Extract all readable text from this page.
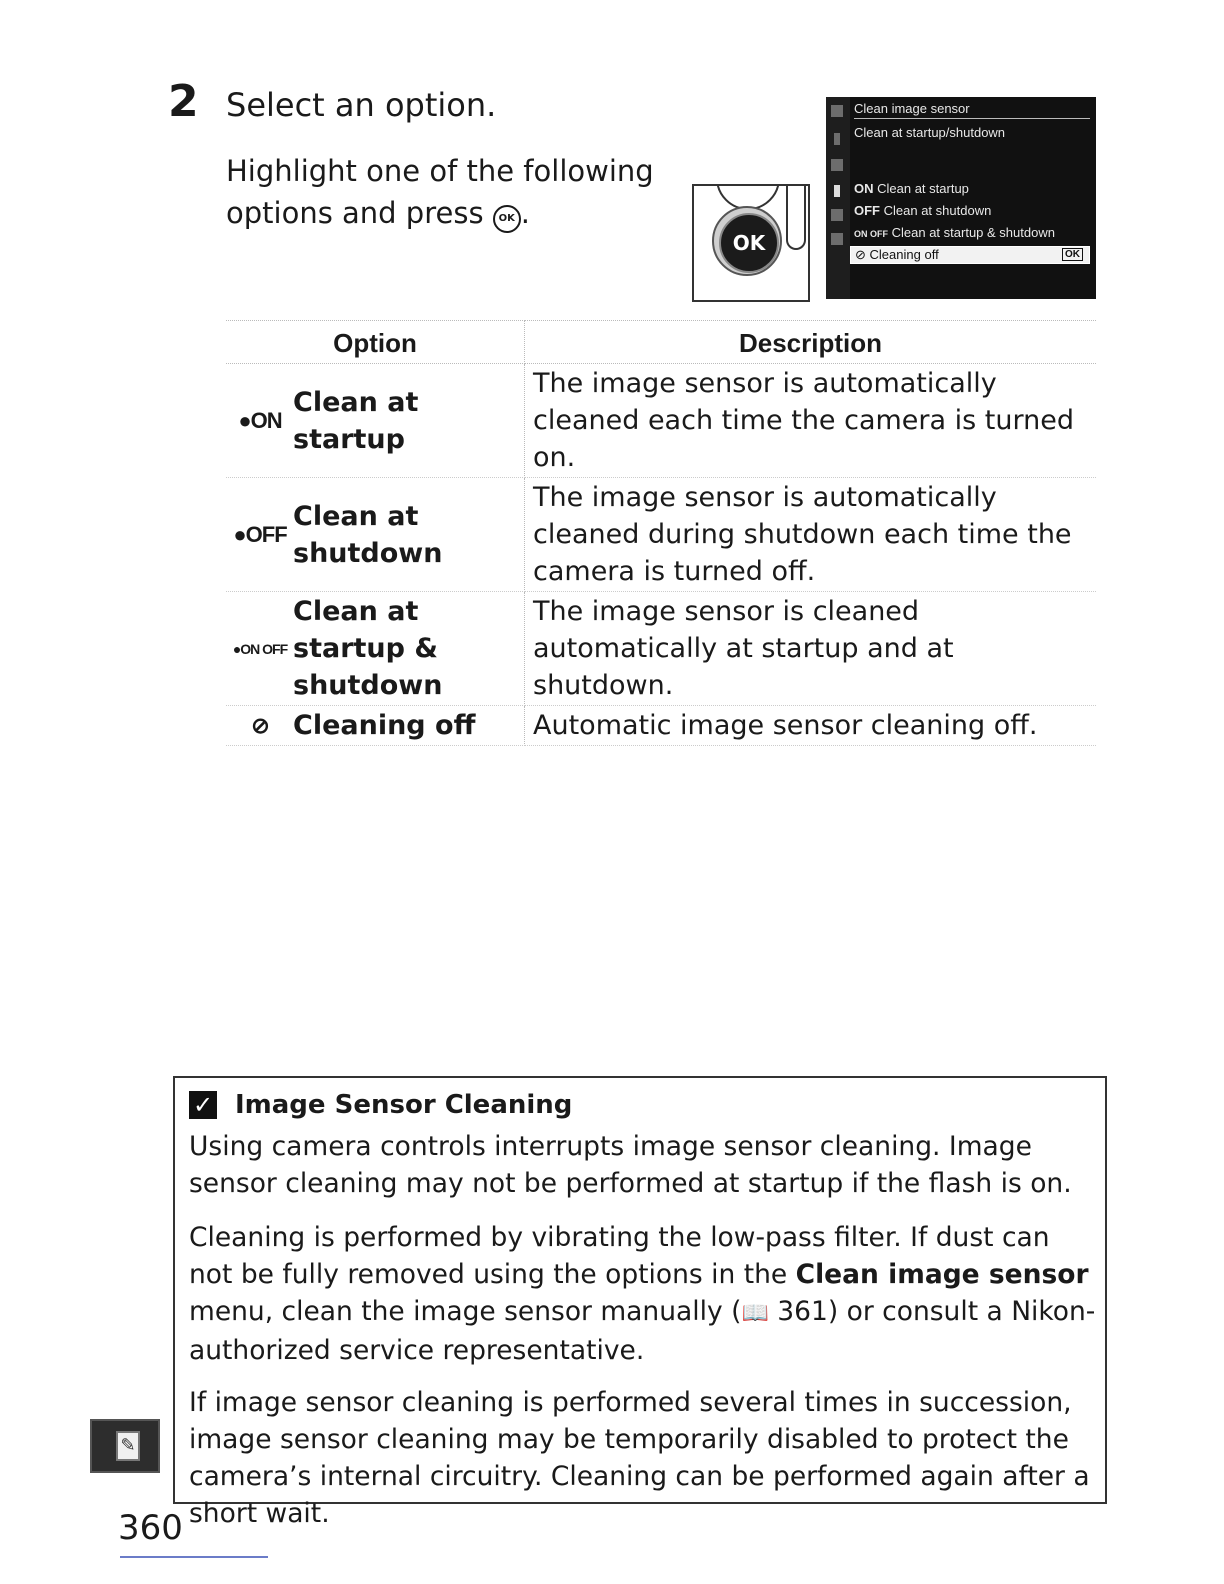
2 Select an option.
Highlight one of the following
options and press OK .
OK
Clean image sensor
Clean at startup/shutdown
ON Clean at startup
OFF Clean at shutdown
ON OFF Clean at startup & shutdown
⊘ Cleaning off	OK
Option	Description

●ON
Clean at startup	The image sensor is automatically cleaned each time the camera is turned on.

●OFF
Clean at shutdown	The image sensor is automatically cleaned during shutdown each time the camera is turned off.

●ON OFF
Clean at startup & shutdown	The image sensor is cleaned automatically at startup and at shutdown.

⊘ Cleaning off	Automatic image sensor cleaning off.
✓ Image Sensor Cleaning

Using camera controls interrupts image sensor cleaning. Image sensor cleaning may not be performed at startup if the flash is on.

Cleaning is performed by vibrating the low-pass filter. If dust can not be fully removed using the options in the Clean image sensor menu, clean the image sensor manually (📖 361) or consult a Nikon-authorized service representative.

If image sensor cleaning is performed several times in succession, image sensor cleaning may be temporarily disabled to protect the camera’s internal circuitry. Cleaning can be performed again after a short wait.

✎
360
